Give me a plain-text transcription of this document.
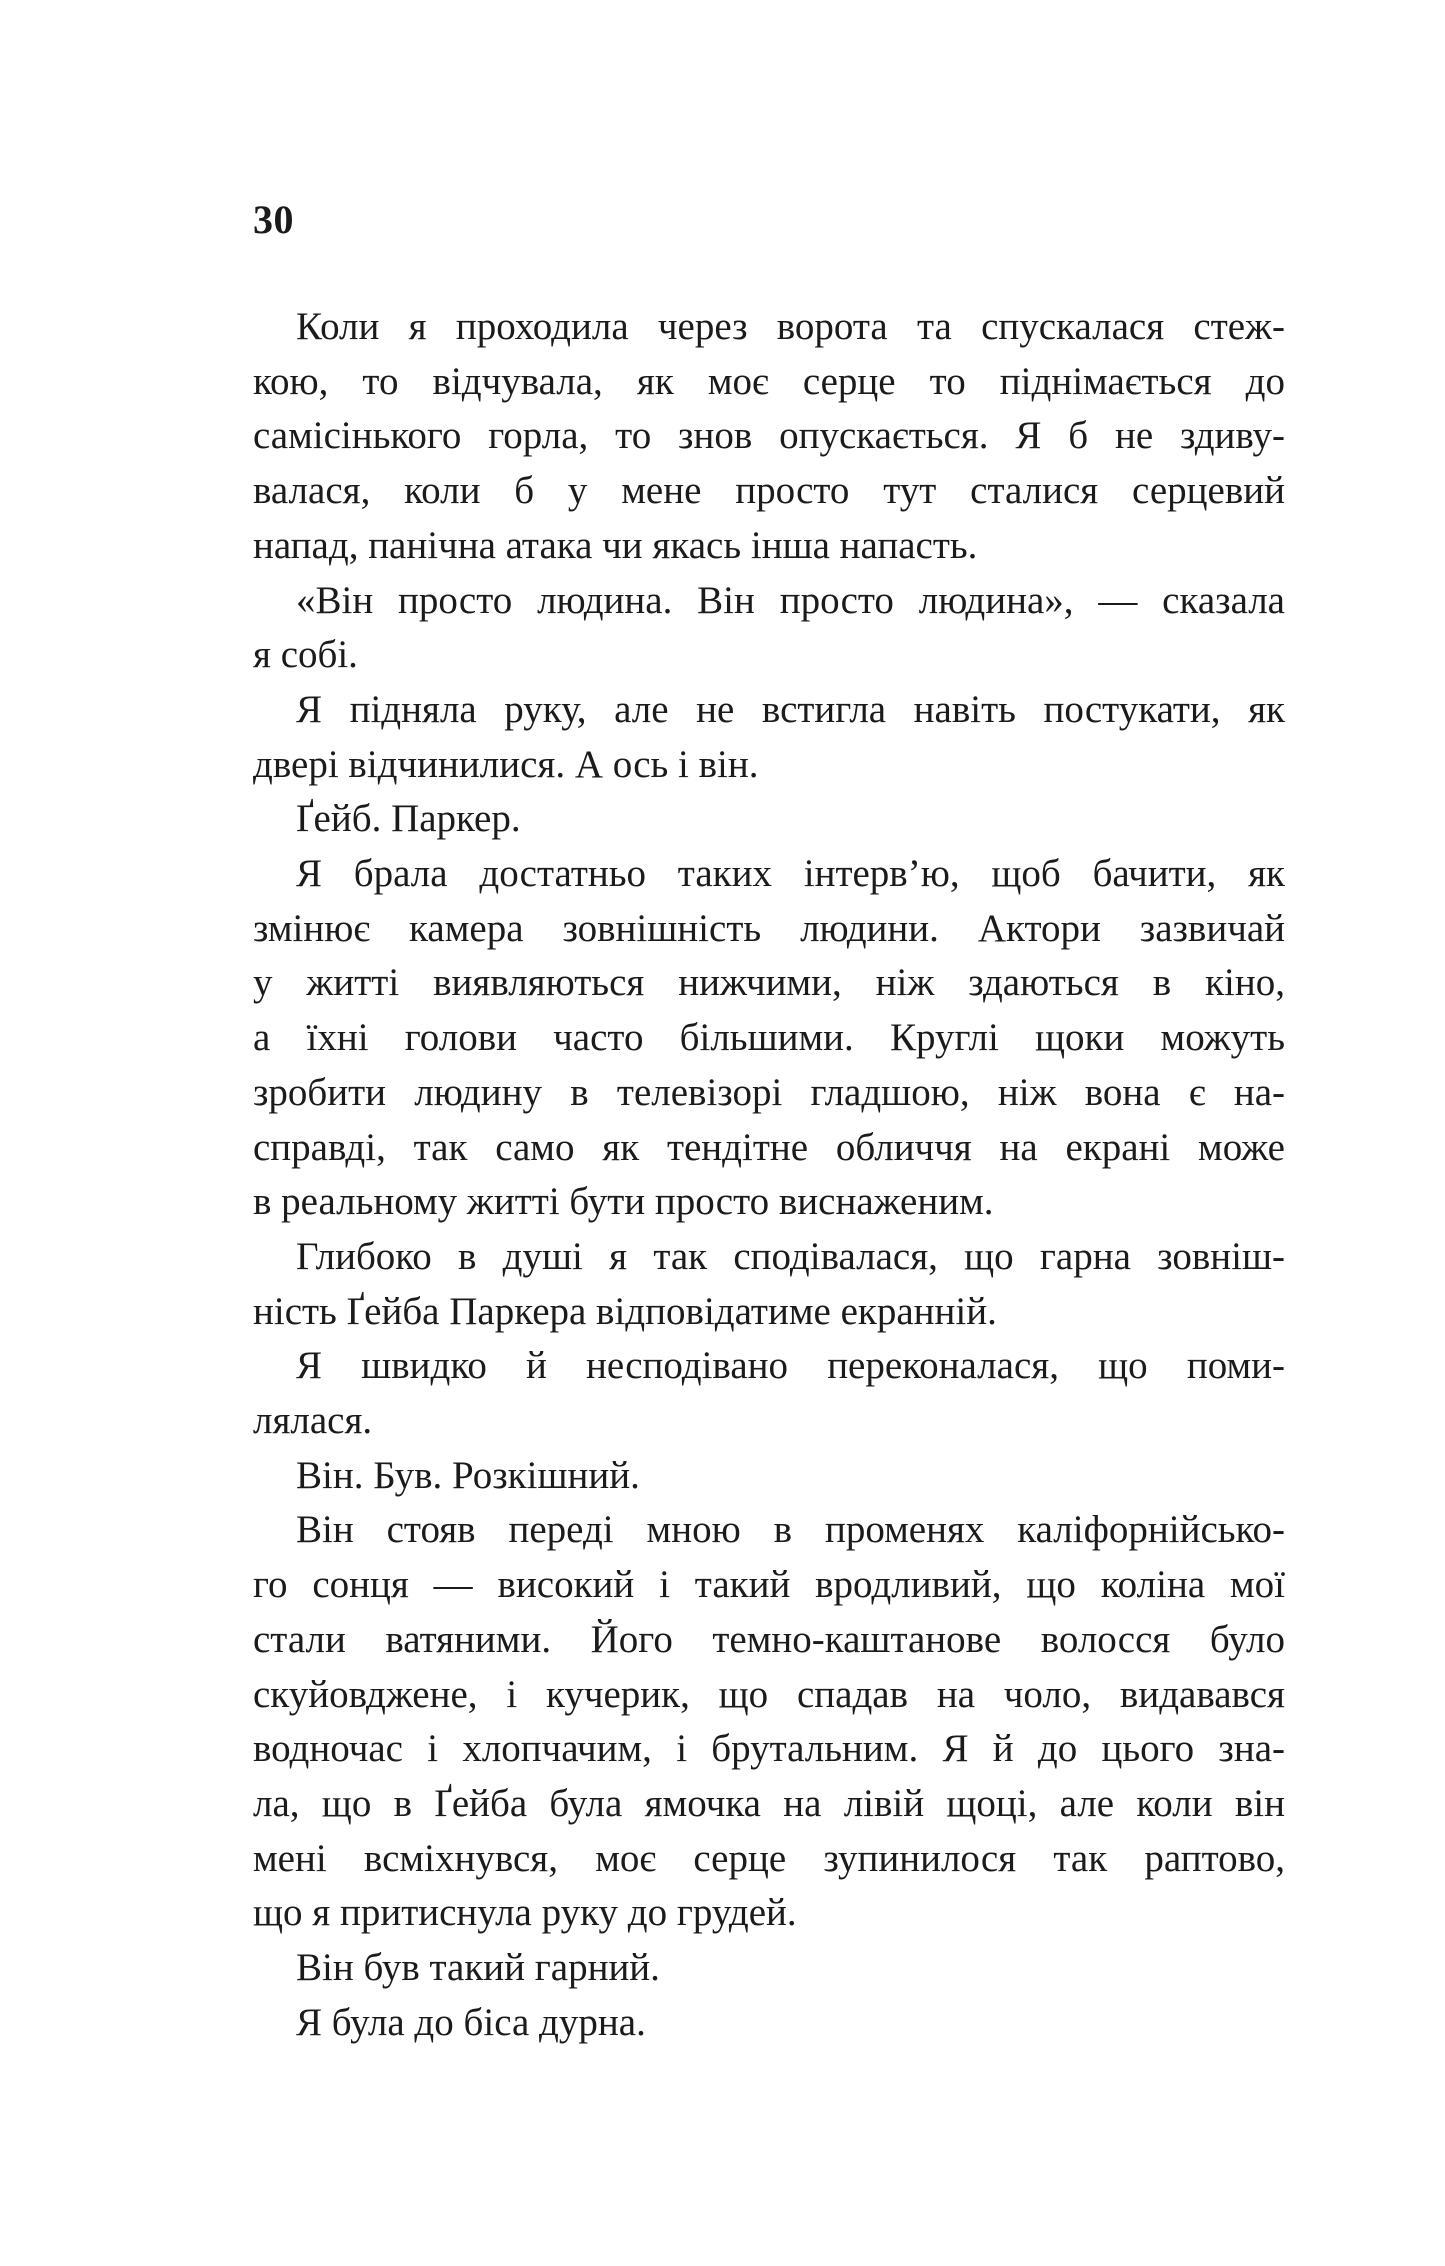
30
Коли я проходила через ворота та спускалася стеж-
кою, то відчувала, як моє серце то піднімається до
самісінького горла, то знов опускається. Я б не здиву-
валася, коли б у мене просто тут сталися серцевий
напад, панічна атака чи якась інша напасть.
«Він просто людина. Він просто людина», — сказала
я собі.
Я підняла руку, але не встигла навіть постукати, як
двері відчинилися. А ось і він.
Ґейб. Паркер.
Я брала достатньо таких інтерв’ю, щоб бачити, як
змінює камера зовнішність людини. Актори зазвичай
у житті виявляються нижчими, ніж здаються в кіно,
а їхні голови часто більшими. Круглі щоки можуть
зробити людину в телевізорі гладшою, ніж вона є на-
справді, так само як тендітне обличчя на екрані може
в реальному житті бути просто виснаженим.
Глибоко в душі я так сподівалася, що гарна зовніш-
ність Ґейба Паркера відповідатиме екранній.
Я швидко й несподівано переконалася, що поми-
лялася.
Він. Був. Розкішний.
Він стояв переді мною в променях каліфорнійсько-
го сонця — високий і такий вродливий, що коліна мої
стали ватяними. Його темно-каштанове волосся було
скуйовджене, і кучерик, що спадав на чоло, видавався
водночас і хлопчачим, і брутальним. Я й до цього зна-
ла, що в Ґейба була ямочка на лівій щоці, але коли він
мені всміхнувся, моє серце зупинилося так раптово,
що я притиснула руку до грудей.
Він був такий гарний.
Я була до біса дурна.
